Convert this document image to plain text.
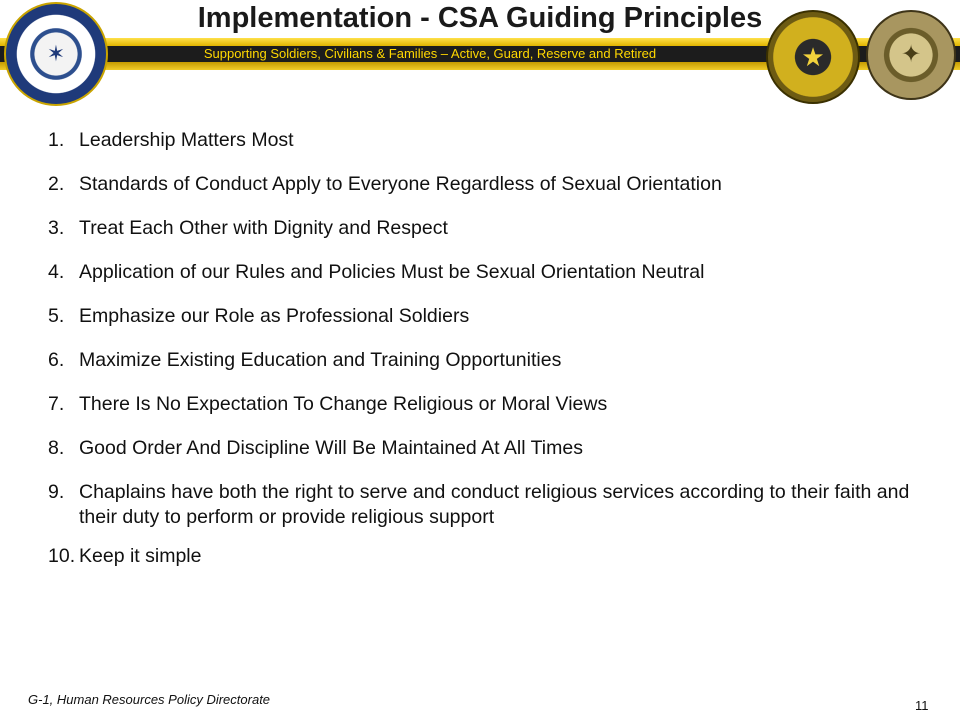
Implementation - CSA Guiding Principles
Supporting Soldiers, Civilians & Families – Active, Guard, Reserve and Retired
✶	★	✦
1. Leadership Matters Most
2. Standards of Conduct Apply to Everyone Regardless of Sexual Orientation
3. Treat Each Other with Dignity and Respect
4. Application of our Rules and Policies Must be Sexual Orientation Neutral
5. Emphasize our Role as Professional Soldiers
6. Maximize Existing Education and Training Opportunities
7. There Is No Expectation To Change Religious or Moral Views
8. Good Order And Discipline Will Be Maintained At All Times
9. Chaplains have both the right to serve and conduct religious services according to their faith and their duty to perform or provide religious support
10. Keep it simple
G-1, Human Resources Policy Directorate	11
